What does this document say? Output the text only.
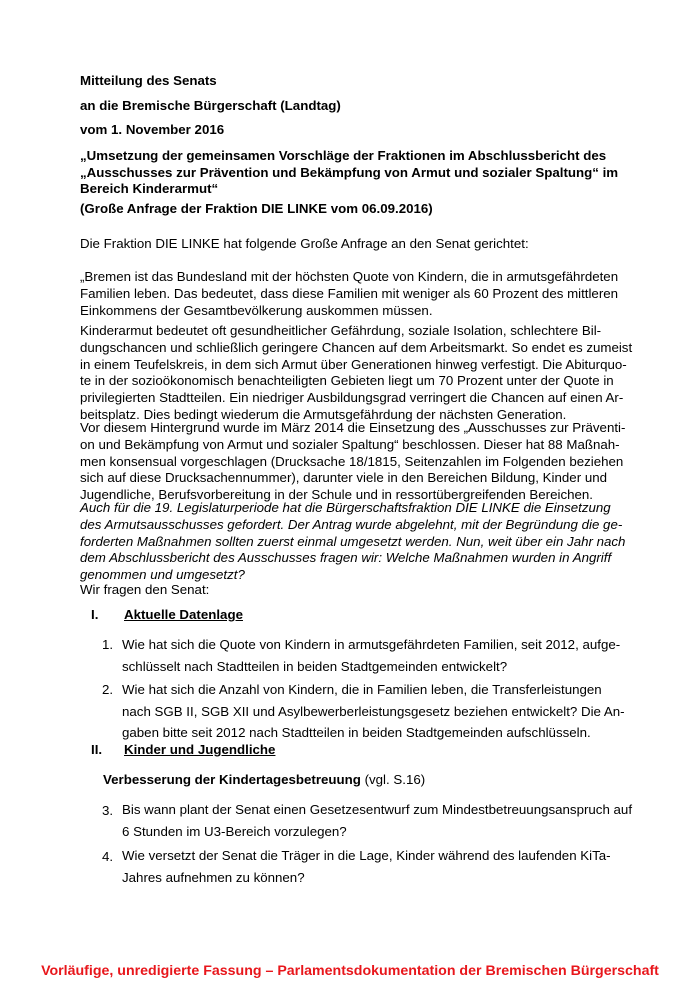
Mitteilung des Senats
an die Bremische Bürgerschaft (Landtag)
vom 1. November 2016
„Umsetzung der gemeinsamen Vorschläge der Fraktionen im Abschlussbericht des
„Ausschusses zur Prävention und Bekämpfung von Armut und sozialer Spaltung“ im
Bereich Kinderarmut“
(Große Anfrage der Fraktion DIE LINKE vom 06.09.2016)
Die Fraktion DIE LINKE hat folgende Große Anfrage an den Senat gerichtet:
„Bremen ist das Bundesland mit der höchsten Quote von Kindern, die in armutsgefährdeten
Familien leben. Das bedeutet, dass diese Familien mit weniger als 60 Prozent des mittleren
Einkommens der Gesamtbevölkerung auskommen müssen.
Kinderarmut bedeutet oft gesundheitlicher Gefährdung, soziale Isolation, schlechtere Bil-
dungschancen und schließlich geringere Chancen auf dem Arbeitsmarkt. So endet es zumeist
in einem Teufelskreis, in dem sich Armut über Generationen hinweg verfestigt. Die Abiturquo-
te in der sozioökonomisch benachteiligten Gebieten liegt um 70 Prozent unter der Quote in
privilegierten Stadtteilen. Ein niedriger Ausbildungsgrad verringert die Chancen auf einen Ar-
beitsplatz. Dies bedingt wiederum die Armutsgefährdung der nächsten Generation.
Vor diesem Hintergrund wurde im März 2014 die Einsetzung des „Ausschusses zur Präventi-
on und Bekämpfung von Armut und sozialer Spaltung“ beschlossen. Dieser hat 88 Maßnah-
men konsensual vorgeschlagen (Drucksache 18/1815, Seitenzahlen im Folgenden beziehen
sich auf diese Drucksachennummer), darunter viele in den Bereichen Bildung, Kinder und
Jugendliche, Berufsvorbereitung in der Schule und in ressortübergreifenden Bereichen.
Auch für die 19. Legislaturperiode hat die Bürgerschaftsfraktion DIE LINKE die Einsetzung
des Armutsausschusses gefordert. Der Antrag wurde abgelehnt, mit der Begründung die ge-
forderten Maßnahmen sollten zuerst einmal umgesetzt werden. Nun, weit über ein Jahr nach
dem Abschlussbericht des Ausschusses fragen wir: Welche Maßnahmen wurden in Angriff
genommen und umgesetzt?
Wir fragen den Senat:
I. Aktuelle Datenlage
1. Wie hat sich die Quote von Kindern in armutsgefährdeten Familien, seit 2012, aufge-
schlüsselt nach Stadtteilen in beiden Stadtgemeinden entwickelt?
2. Wie hat sich die Anzahl von Kindern, die in Familien leben, die Transferleistungen
nach SGB II, SGB XII und Asylbewerberleistungsgesetz beziehen entwickelt? Die An-
gaben bitte seit 2012 nach Stadtteilen in beiden Stadtgemeinden aufschlüsseln.
II. Kinder und Jugendliche
Verbesserung der Kindertagesbetreuung (vgl. S.16)
3. Bis wann plant der Senat einen Gesetzesentwurf zum Mindestbetreuungsanspruch auf
6 Stunden im U3-Bereich vorzulegen?
4. Wie versetzt der Senat die Träger in die Lage, Kinder während des laufenden KiTa-
Jahres aufnehmen zu können?
Vorläufige, unredigierte Fassung – Parlamentsdokumentation der Bremischen Bürgerschaft
